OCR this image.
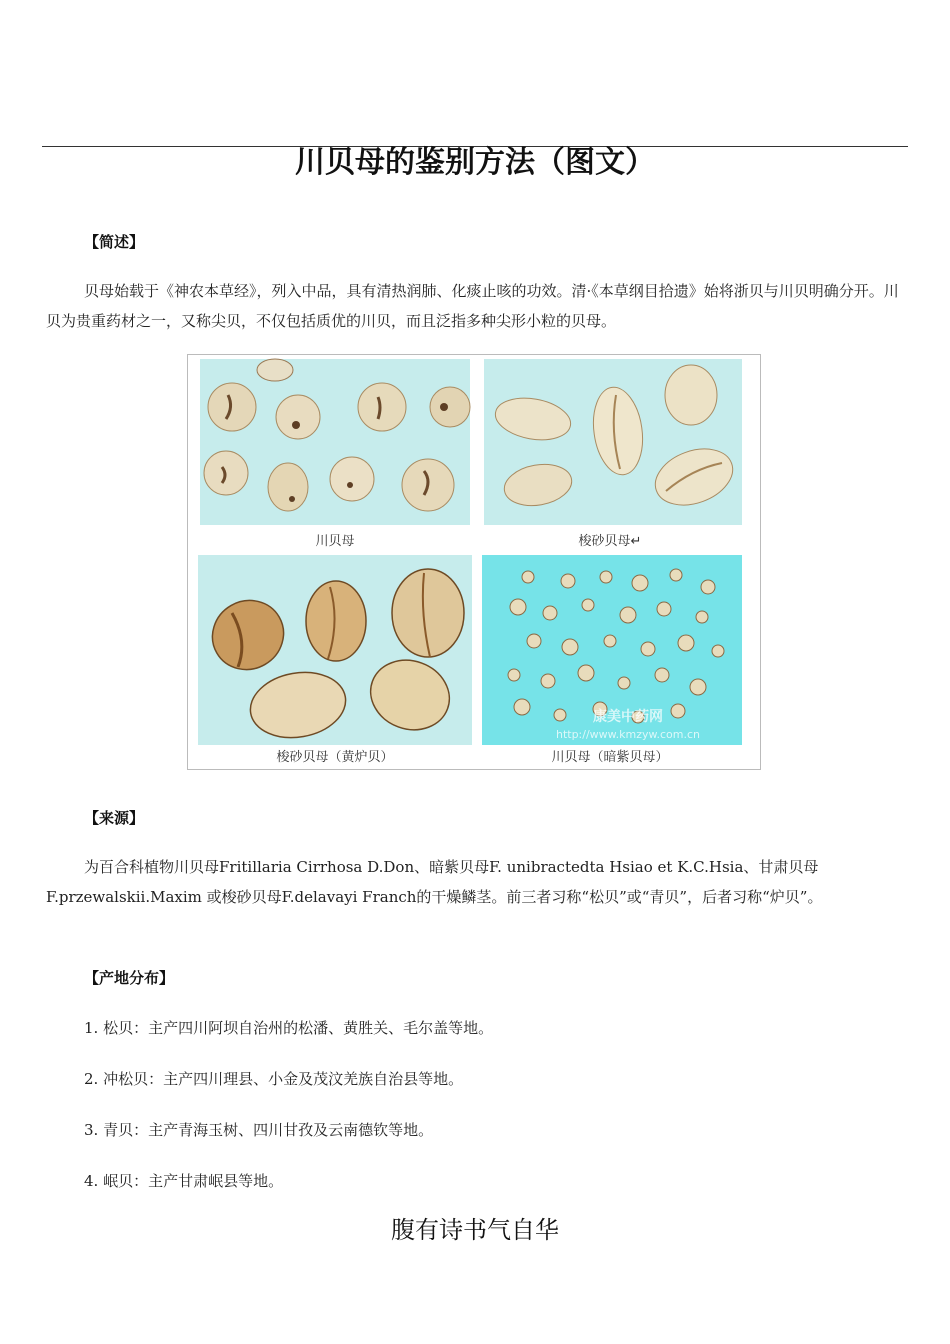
川贝母的鉴别方法（图文）
【简述】

贝母始载于《神农本草经》，列入中品，具有清热润肺、化痰止咳的功效。清·《本草纲目拾遗》始将浙贝与川贝明确分开。川贝为贵重药材之一，又称尖贝，不仅包括质优的川贝，而且泛指多种尖形小粒的贝母。

川贝母	梭砂贝母↵
梭砂贝母（黄炉贝）
康美中药网
http://www.kmzyw.com.cn
川贝母（暗紫贝母）
【来源】

为百合科植物川贝母Fritillaria Cirrhosa D.Don、暗紫贝母F. unibractedta Hsiao et K.C.Hsia、甘肃贝母F.przewalskii.Maxim 或梭砂贝母F.delavayi Franch的干燥鳞茎。前三者习称“松贝”或“青贝”，后者习称“炉贝”。

【产地分布】
1. 松贝：主产四川阿坝自治州的松潘、黄胜关、毛尔盖等地。
2. 冲松贝：主产四川理县、小金及茂汶羌族自治县等地。
3. 青贝：主产青海玉树、四川甘孜及云南德钦等地。
4. 岷贝：主产甘肃岷县等地。
腹有诗书气自华
